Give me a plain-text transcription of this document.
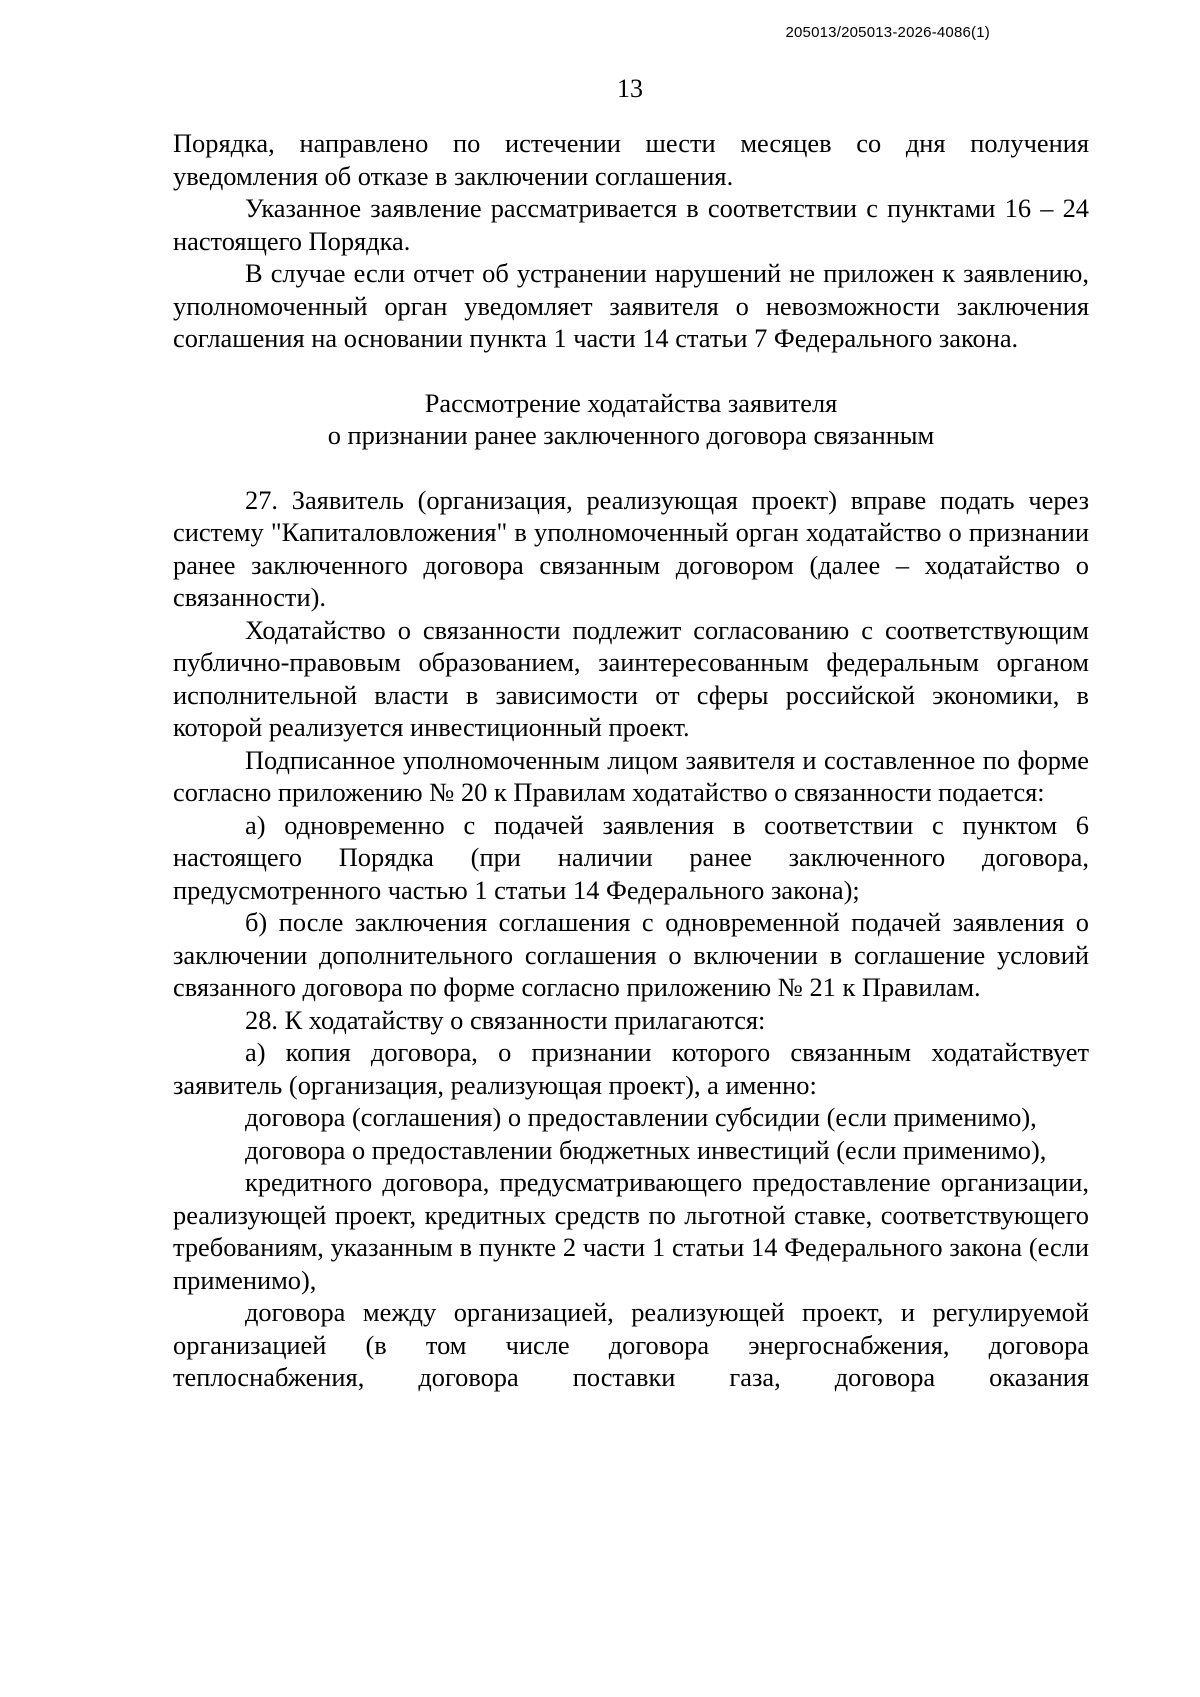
205013/205013-2026-4086(1)
13

Порядка, направлено по истечении шести месяцев со дня получения уведомления об отказе в заключении соглашения.

Указанное заявление рассматривается в соответствии с пунктами 16 – 24 настоящего Порядка.

В случае если отчет об устранении нарушений не приложен к заявлению, уполномоченный орган уведомляет заявителя о невозможности заключения соглашения на основании пункта 1 части 14 статьи 7 Федерального закона.

Рассмотрение ходатайства заявителя

о признании ранее заключенного договора связанным

27. Заявитель (организация, реализующая проект) вправе подать через систему "Капиталовложения" в уполномоченный орган ходатайство о признании ранее заключенного договора связанным договором (далее – ходатайство о связанности).

Ходатайство о связанности подлежит согласованию с соответствующим публично-правовым образованием, заинтересованным федеральным органом исполнительной власти в зависимости от сферы российской экономики, в которой реализуется инвестиционный проект.

Подписанное уполномоченным лицом заявителя и составленное по форме согласно приложению № 20 к Правилам ходатайство о связанности подается:

а) одновременно с подачей заявления в соответствии с пунктом 6 настоящего Порядка (при наличии ранее заключенного договора, предусмотренного частью 1 статьи 14 Федерального закона);

б) после заключения соглашения с одновременной подачей заявления о заключении дополнительного соглашения о включении в соглашение условий связанного договора по форме согласно приложению № 21 к Правилам.

28. К ходатайству о связанности прилагаются:

а) копия договора, о признании которого связанным ходатайствует заявитель (организация, реализующая проект), а именно:

договора (соглашения) о предоставлении субсидии (если применимо),

договора о предоставлении бюджетных инвестиций (если применимо),

кредитного договора, предусматривающего предоставление организации, реализующей проект, кредитных средств по льготной ставке, соответствующего требованиям, указанным в пункте 2 части 1 статьи 14 Федерального закона (если применимо),

договора между организацией, реализующей проект, и регулируемой организацией (в том числе договора энергоснабжения, договора теплоснабжения, договора поставки газа, договора оказания
